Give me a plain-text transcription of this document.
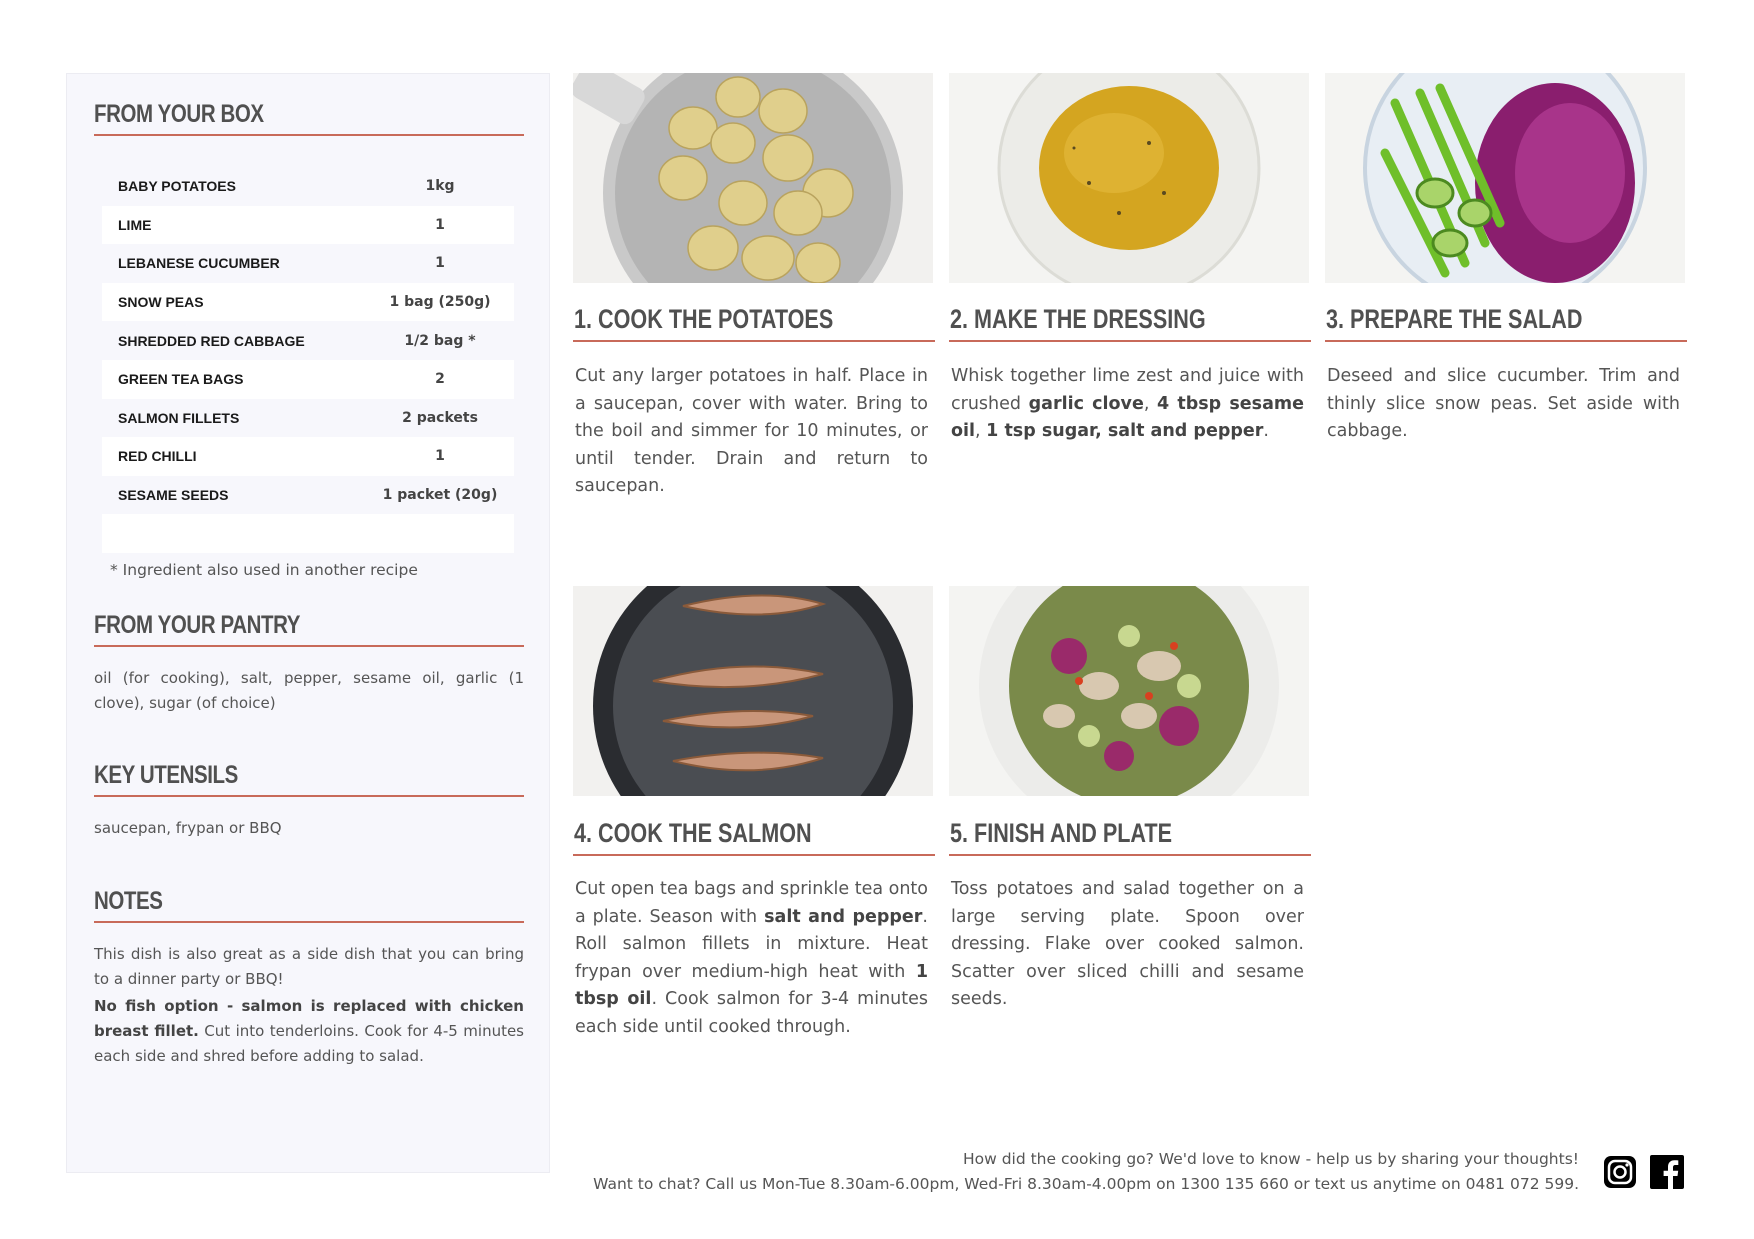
FROM YOUR BOX
BABY POTATOES	1kg
LIME	1
LEBANESE CUCUMBER	1
SNOW PEAS	1 bag (250g)
SHREDDED RED CABBAGE	1/2 bag *
GREEN TEA BAGS	2
SALMON FILLETS	2 packets
RED CHILLI	1
SESAME SEEDS	1 packet (20g)
* Ingredient also used in another recipe
FROM YOUR PANTRY
oil (for cooking), salt, pepper, sesame oil, garlic (1 clove), sugar (of choice)
KEY UTENSILS
saucepan, frypan or BBQ
NOTES
This dish is also great as a side dish that you can bring to a dinner party or BBQ!
No fish option - salmon is replaced with chicken breast fillet. Cut into tenderloins. Cook for 4-5 minutes each side and shred before adding to salad.
1. COOK THE POTATOES
Cut any larger potatoes in half. Place in a saucepan, cover with water. Bring to the boil and simmer for 10 minutes, or until tender. Drain and return to saucepan.
2. MAKE THE DRESSING
Whisk together lime zest and juice with crushed garlic clove, 4 tbsp sesame oil, 1 tsp sugar, salt and pepper.
3. PREPARE THE SALAD
Deseed and slice cucumber. Trim and thinly slice snow peas. Set aside with cabbage.
4. COOK THE SALMON
Cut open tea bags and sprinkle tea onto a plate. Season with salt and pepper. Roll salmon fillets in mixture. Heat frypan over medium-high heat with 1 tbsp oil. Cook salmon for 3-4 minutes each side until cooked through.
5. FINISH AND PLATE
Toss potatoes and salad together on a large serving plate. Spoon over dressing. Flake over cooked salmon. Scatter over sliced chilli and sesame seeds.
How did the cooking go? We'd love to know - help us by sharing your thoughts!
Want to chat? Call us Mon-Tue 8.30am-6.00pm, Wed-Fri 8.30am-4.00pm on 1300 135 660 or text us anytime on 0481 072 599.
